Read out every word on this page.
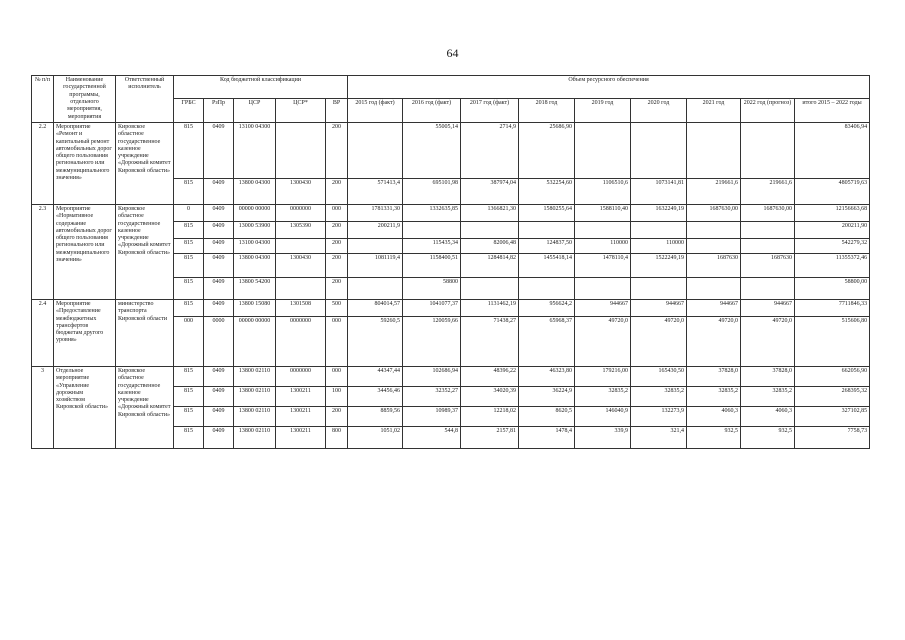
64
№ п/п	Наименование государственной программы, отдельного мероприятия, мероприятия	Ответственный исполнитель	Код бюджетной классификации					Объем ресурсного обеспечения								
			ГРБС	РзПр	ЦСР	ЦСР*	ВР	2015 год (факт)	2016 год (факт)	2017 год (факт)	2018 год	2019 год	2020 год	2021 год	2022 год (прогноз)	итого 2015 – 2022 годы
2.2	Мероприятие «Ремонт и капитальный ремонт автомобильных дорог общего пользования регионального или межмуниципального значения»	Кировское областное государственное казенное учреждение «Дорожный комитет Кировской области»	815	0409	13100 04300		200		55005,14	2714,9	25686,90					83406,94
			815	0409	13800 04300	1300430	200	571413,4	695101,98	387974,04	532254,60	1106510,6	1073141,81	219661,6	219661,6	4805719,63
2.3	Мероприятие «Нормативное содержание автомобильных дорог общего пользования регионального или межмуниципального значения»	Кировское областное государственное казенное учреждение «Дорожный комитет Кировской области»	0	0409	00000 00000	0000000	000	1781331,30	1332635,85	1366821,30	1580255,64	1588110,40	1632249,19	1687630,00	1687630,00	12156663,68
			815	0409	13000 53900	1305390	200	200211,9								200211,90
			815	0409	13100 04300		200		115435,34	82006,48	124837,50	110000	110000			542279,32
			815	0409	13800 04300	1300430	200	1081119,4	1158400,51	1284814,82	1455418,14	1478110,4	1522249,19	1687630	1687630	11355372,46
			815	0409	13800 54200		200		58800							58800,00
2.4	Мероприятие «Предоставление межбюджетных трансфертов бюджетам другого уровня»	министерство транспорта Кировской области	815	0409	13800 15080	1301508	500	804014,57	1041077,37	1131462,19	956624,2	944667	944667	944667	944667	7711846,33
			000	0000	00000 00000	0000000	000	59260,5	120059,66	71438,27	65968,37	49720,0	49720,0	49720,0	49720,0	515606,80
3	Отдельное мероприятие «Управление дорожным хозяйством Кировской области»	Кировское областное государственное казенное учреждение «Дорожный комитет Кировской области»	815	0409	13800 02110	0000000	000	44347,44	102686,94	48396,22	46323,80	179216,00	165430,50	37828,0	37828,0	662056,90
			815	0409	13800 02110	1300211	100	34456,46	32352,27	34020,39	36224,9	32835,2	32835,2	32835,2	32835,2	268395,32
			815	0409	13800 02110	1300211	200	8859,56	10989,37	12218,02	8620,5	146040,9	132273,9	4060,3	4060,3	327102,85
			815	0409	13800 02110	1300211	800	1051,02	544,8	2157,81	1478,4	339,9	321,4	932,5	932,5	7758,73
